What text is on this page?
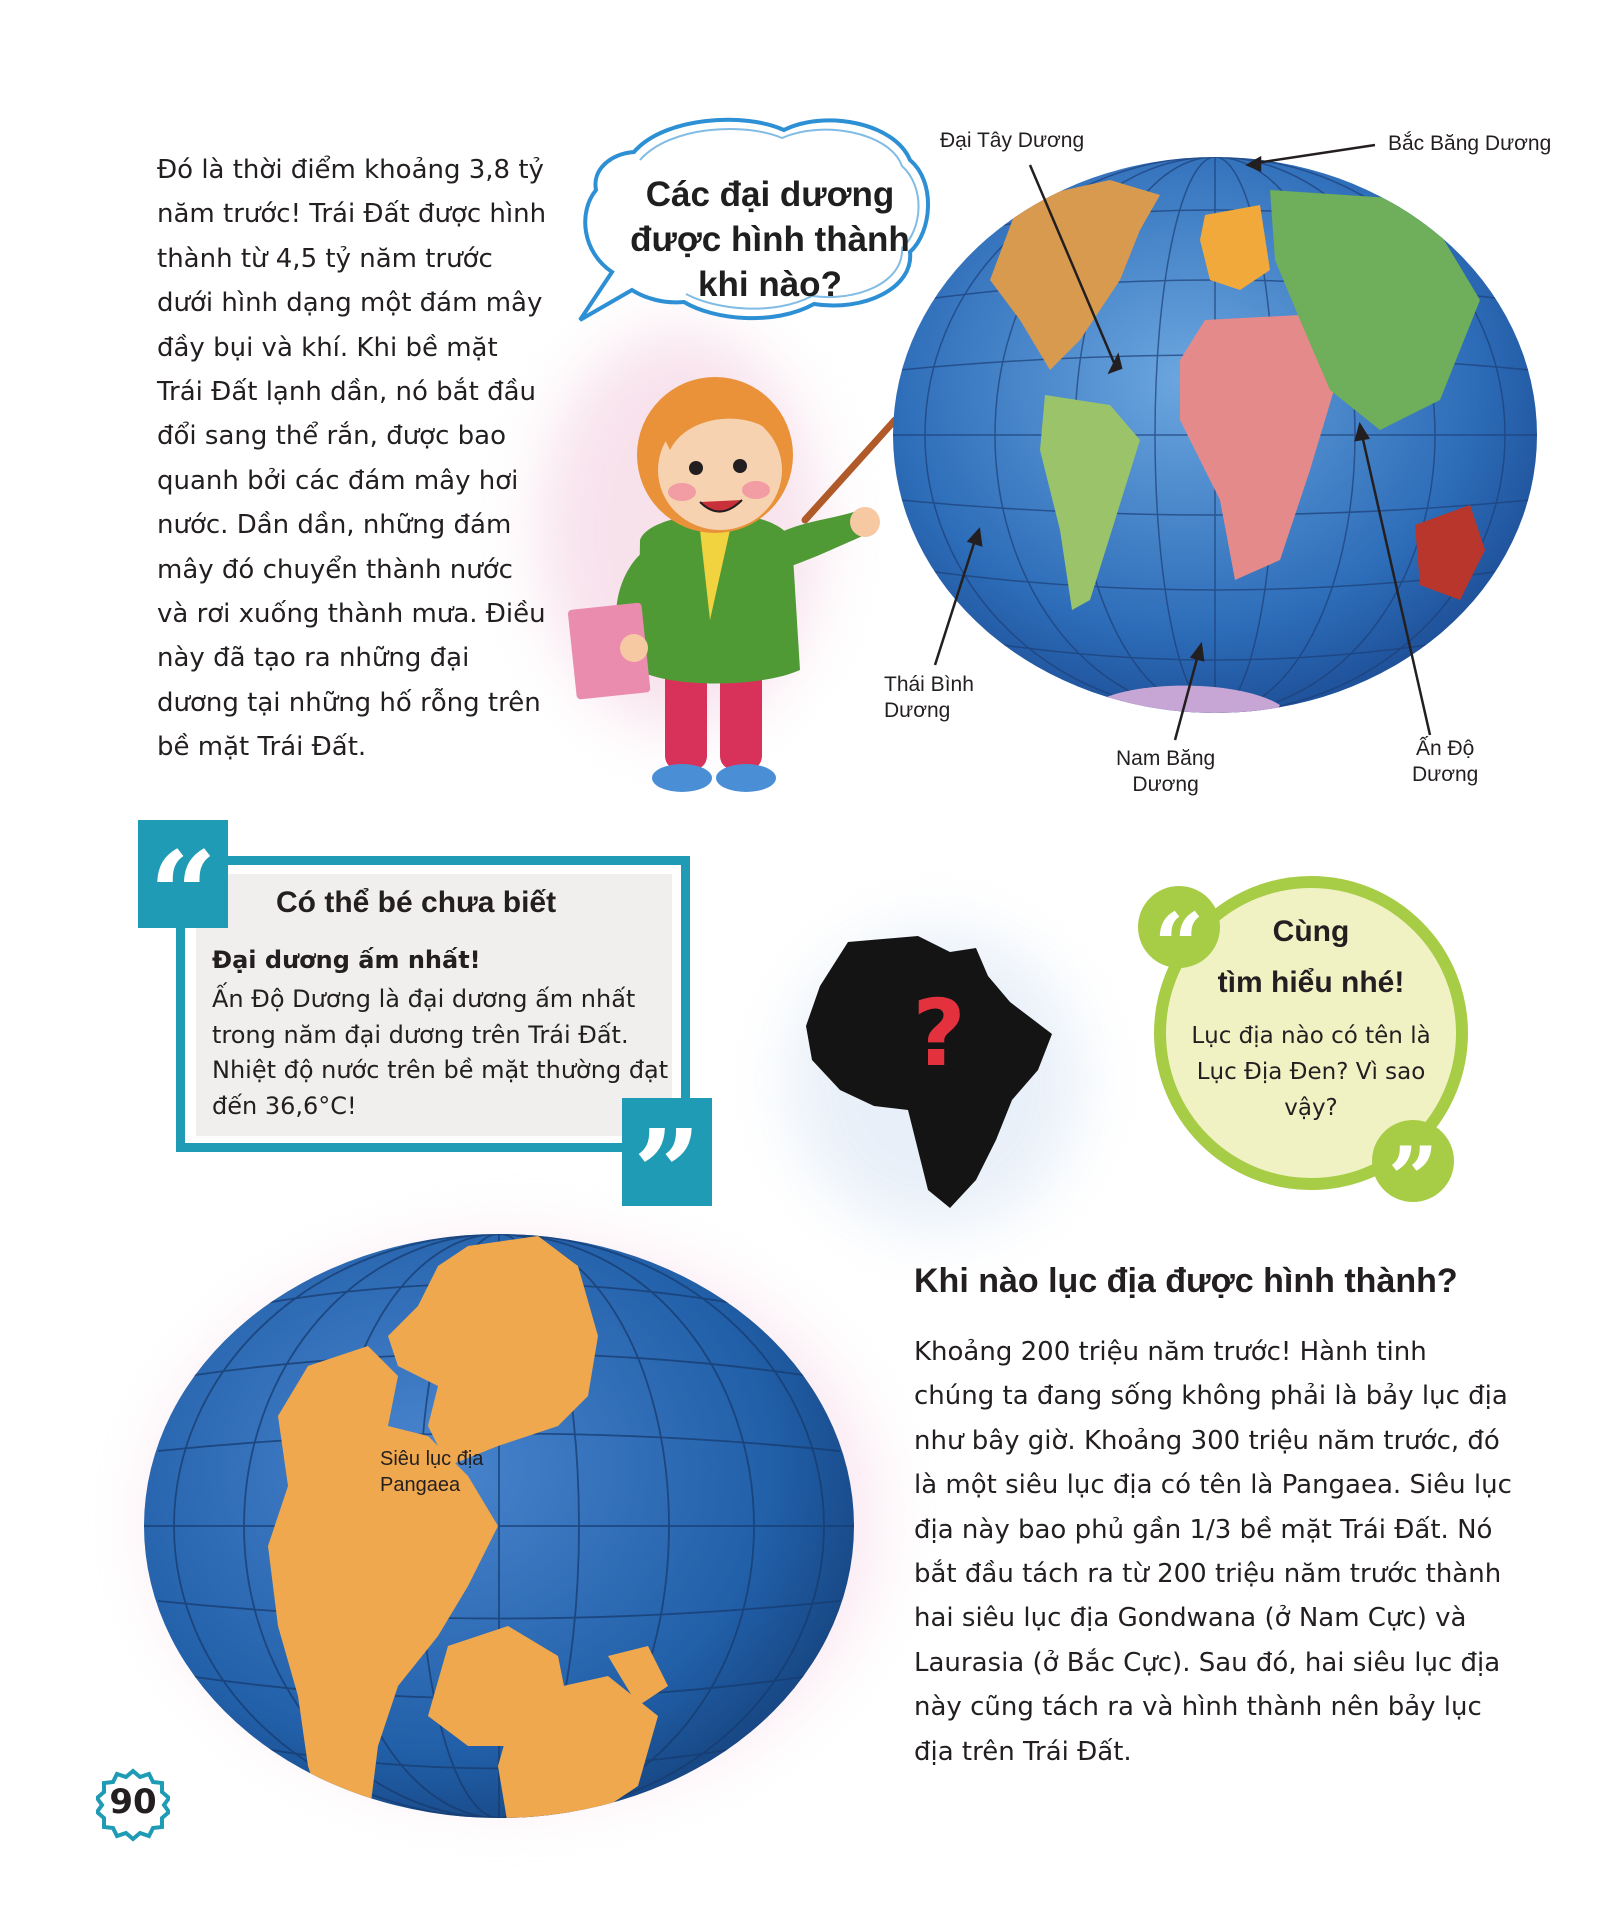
Đó là thời điểm khoảng 3,8 tỷ năm trước! Trái Đất được hình thành từ 4,5 tỷ năm trước dưới hình dạng một đám mây đầy bụi và khí. Khi bề mặt Trái Đất lạnh dần, nó bắt đầu đổi sang thể rắn, được bao quanh bởi các đám mây hơi nước. Dần dần, những đám mây đó chuyển thành nước và rơi xuống thành mưa. Điều này đã tạo ra những đại dương tại những hố rỗng trên bề mặt Trái Đất.
Các đại dương
được hình thành
khi nào?
Đại Tây Dương	Bắc Băng Dương
Thái Bình
Dương
Nam Băng
Dương
Ấn Độ
Dương
“
”
Có thể bé chưa biết
Đại dương ấm nhất!
Ấn Độ Dương là đại dương ấm nhất trong năm đại dương trên Trái Đất. Nhiệt độ nước trên bề mặt thường đạt đến 36,6°C!
?
“
”
Cùng
tìm hiểu nhé!
Lục địa nào có tên là Lục Địa Đen? Vì sao vậy?
Siêu lục địa
Pangaea
Khi nào lục địa được hình thành?
Khoảng 200 triệu năm trước! Hành tinh chúng ta đang sống không phải là bảy lục địa như bây giờ. Khoảng 300 triệu năm trước, đó là một siêu lục địa có tên là Pangaea. Siêu lục địa này bao phủ gần 1/3 bề mặt Trái Đất. Nó bắt đầu tách ra từ 200 triệu năm trước thành hai siêu lục địa Gondwana (ở Nam Cực) và Laurasia (ở Bắc Cực). Sau đó, hai siêu lục địa này cũng tách ra và hình thành nên bảy lục địa trên Trái Đất.
90
